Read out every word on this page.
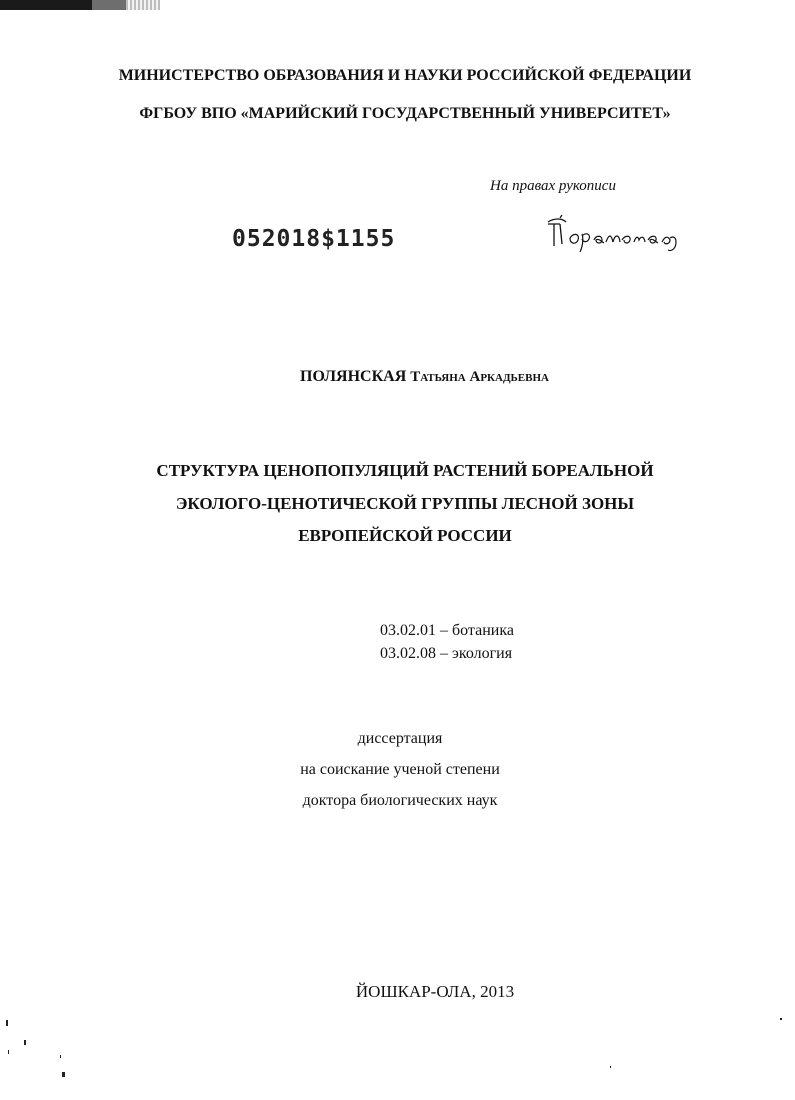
МИНИСТЕРСТВО ОБРАЗОВАНИЯ И НАУКИ РОССИЙСКОЙ ФЕДЕРАЦИИ
ФГБОУ ВПО «МАРИЙСКИЙ ГОСУДАРСТВЕННЫЙ УНИВЕРСИТЕТ»
На правах рукописи
052018$1155
ПОЛЯНСКАЯ Татьяна Аркадьевна
СТРУКТУРА ЦЕНОПОПУЛЯЦИЙ РАСТЕНИЙ БОРЕАЛЬНОЙ
ЭКОЛОГО-ЦЕНОТИЧЕСКОЙ ГРУППЫ ЛЕСНОЙ ЗОНЫ
ЕВРОПЕЙСКОЙ РОССИИ
03.02.01 – ботаника
03.02.08 – экология
диссертация
на соискание ученой степени
доктора биологических наук
ЙОШКАР-ОЛА, 2013
